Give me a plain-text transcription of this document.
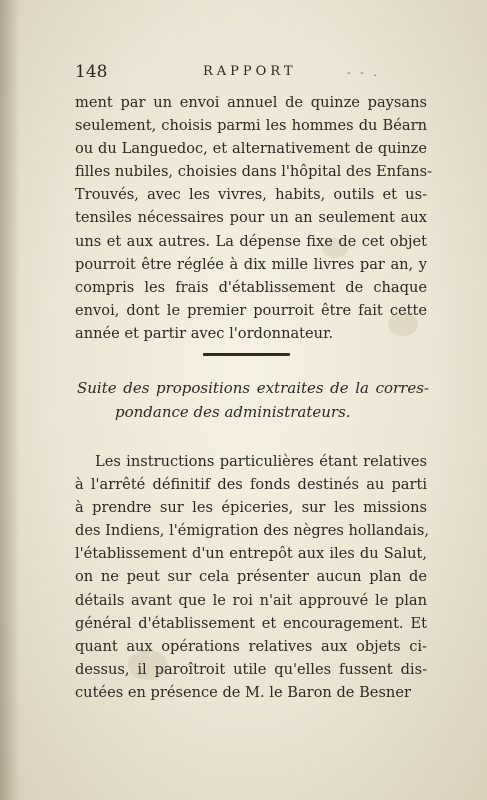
148	RAPPORT	- - .
ment par un envoi annuel de quinze paysans
seulement, choisis parmi les hommes du Béarn
ou du Languedoc, et alternativement de quinze
filles nubiles, choisies dans l'hôpital des Enfans-
Trouvés, avec les vivres, habits, outils et us-
tensiles nécessaires pour un an seulement aux
uns et aux autres. La dépense fixe de cet objet
pourroit être réglée à dix mille livres par an, y
compris les frais d'établissement de chaque
envoi, dont le premier pourroit être fait cette
année et partir avec l'ordonnateur.
Suite des propositions extraites de la corres-
pondance des administrateurs.
Les instructions particulières étant relatives
à l'arrêté définitif des fonds destinés au parti
à prendre sur les épiceries, sur les missions
des Indiens, l'émigration des nègres hollandais,
l'établissement d'un entrepôt aux iles du Salut,
on ne peut sur cela présenter aucun plan de
détails avant que le roi n'ait approuvé le plan
général d'établissement et encouragement. Et
quant aux opérations relatives aux objets ci-
dessus, il paroîtroit utile qu'elles fussent dis-
cutées en présence de M. le Baron de Besner
